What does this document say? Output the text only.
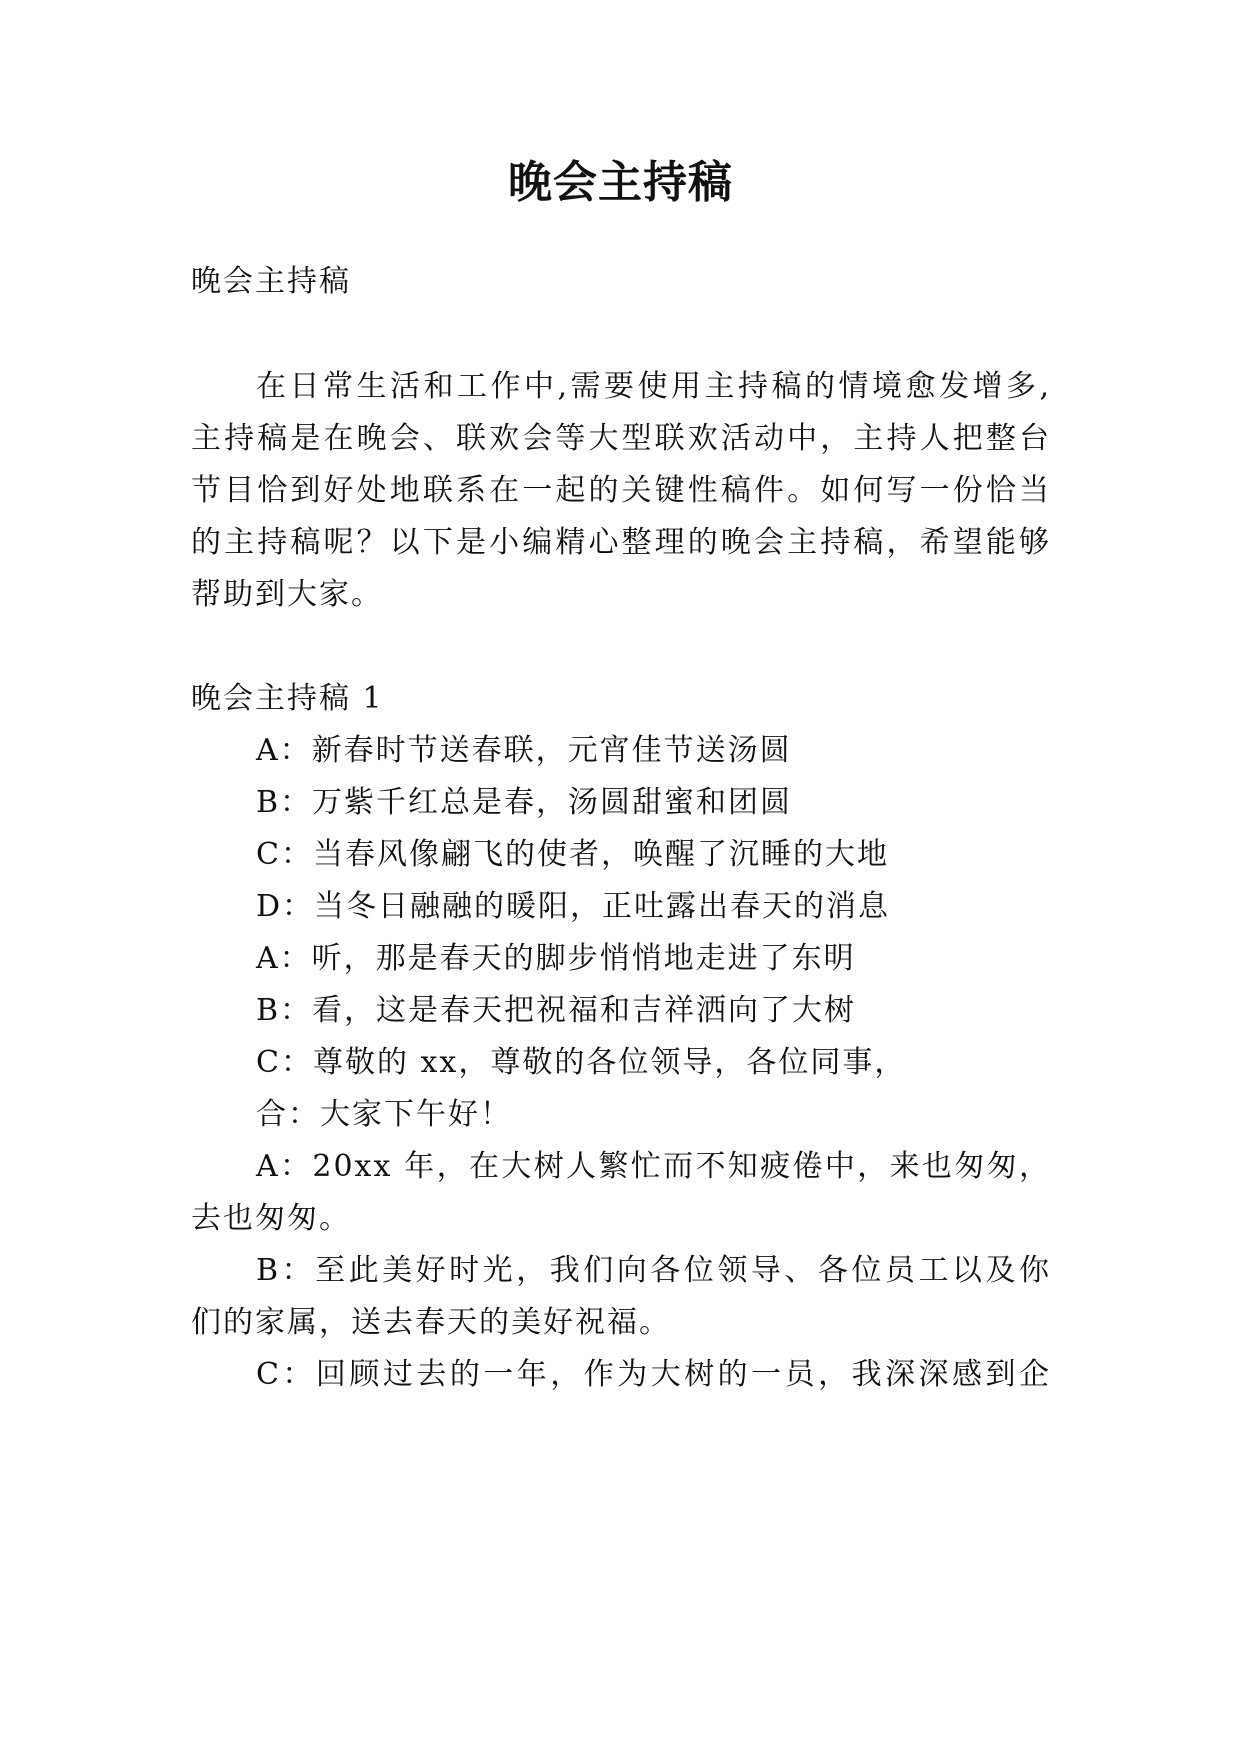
晚会主持稿
晚会主持稿
在日常生活和工作中,需要使用主持稿的情境愈发增多,
主持稿是在晚会、联欢会等大型联欢活动中，主持人把整台
节目恰到好处地联系在一起的关键性稿件。如何写一份恰当
的主持稿呢？以下是小编精心整理的晚会主持稿，希望能够
帮助到大家。
晚会主持稿 1
A：新春时节送春联，元宵佳节送汤圆
B：万紫千红总是春，汤圆甜蜜和团圆
C：当春风像翩飞的使者，唤醒了沉睡的大地
D：当冬日融融的暖阳，正吐露出春天的消息
A：听，那是春天的脚步悄悄地走进了东明
B：看，这是春天把祝福和吉祥洒向了大树
C：尊敬的 xx，尊敬的各位领导，各位同事，
合：大家下午好！
A：20xx 年，在大树人繁忙而不知疲倦中，来也匆匆，
去也匆匆。
B：至此美好时光，我们向各位领导、各位员工以及你
们的家属，送去春天的美好祝福。
C：回顾过去的一年，作为大树的一员，我深深感到企
